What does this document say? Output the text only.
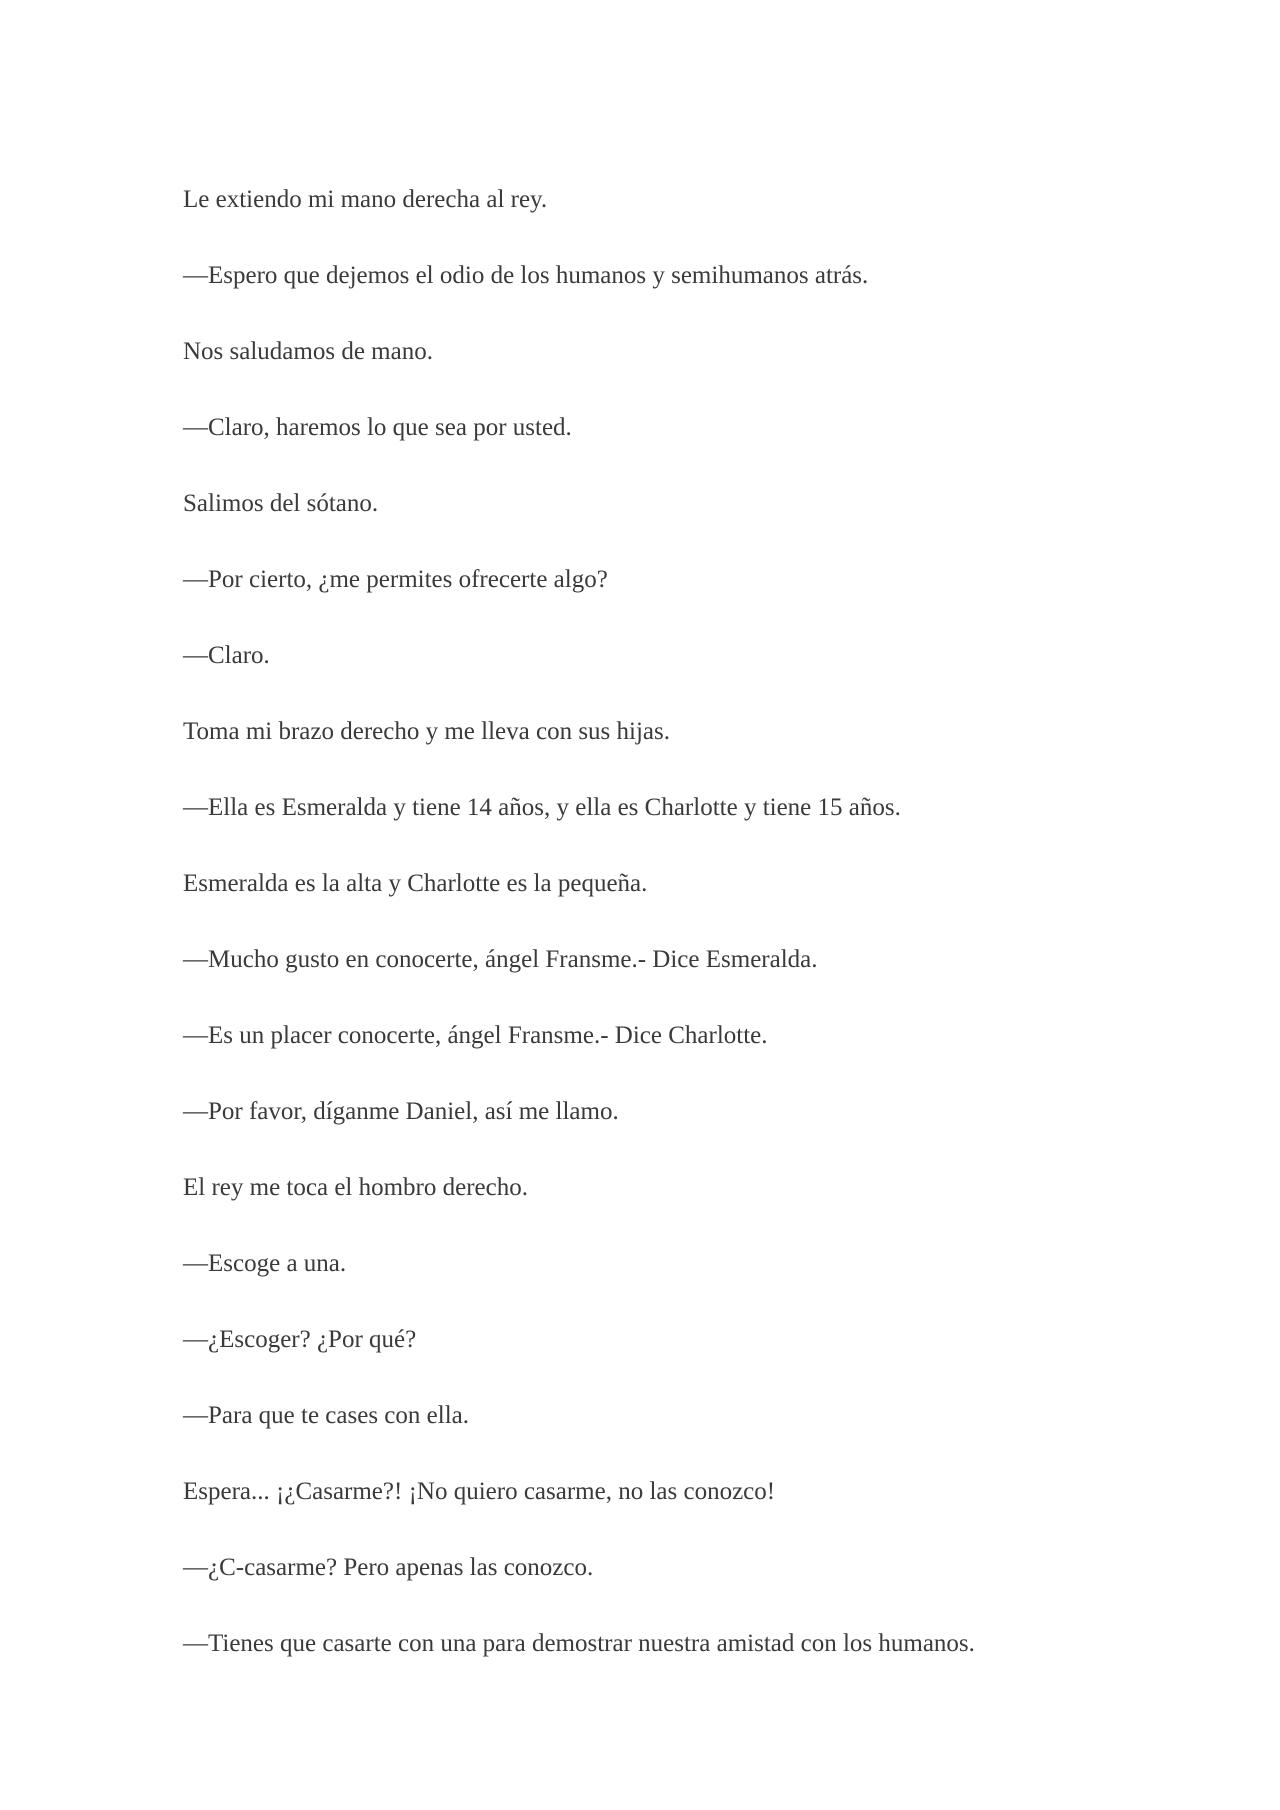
Le extiendo mi mano derecha al rey.

—Espero que dejemos el odio de los humanos y semihumanos atrás.

Nos saludamos de mano.

—Claro, haremos lo que sea por usted.

Salimos del sótano.

—Por cierto, ¿me permites ofrecerte algo?

—Claro.

Toma mi brazo derecho y me lleva con sus hijas.

—Ella es Esmeralda y tiene 14 años, y ella es Charlotte y tiene 15 años.

Esmeralda es la alta y Charlotte es la pequeña.

—Mucho gusto en conocerte, ángel Fransme.- Dice Esmeralda.

—Es un placer conocerte, ángel Fransme.- Dice Charlotte.

—Por favor, díganme Daniel, así me llamo.

El rey me toca el hombro derecho.

—Escoge a una.

—¿Escoger? ¿Por qué?

—Para que te cases con ella.

Espera... ¡¿Casarme?! ¡No quiero casarme, no las conozco!

—¿C-casarme? Pero apenas las conozco.

—Tienes que casarte con una para demostrar nuestra amistad con los humanos.
